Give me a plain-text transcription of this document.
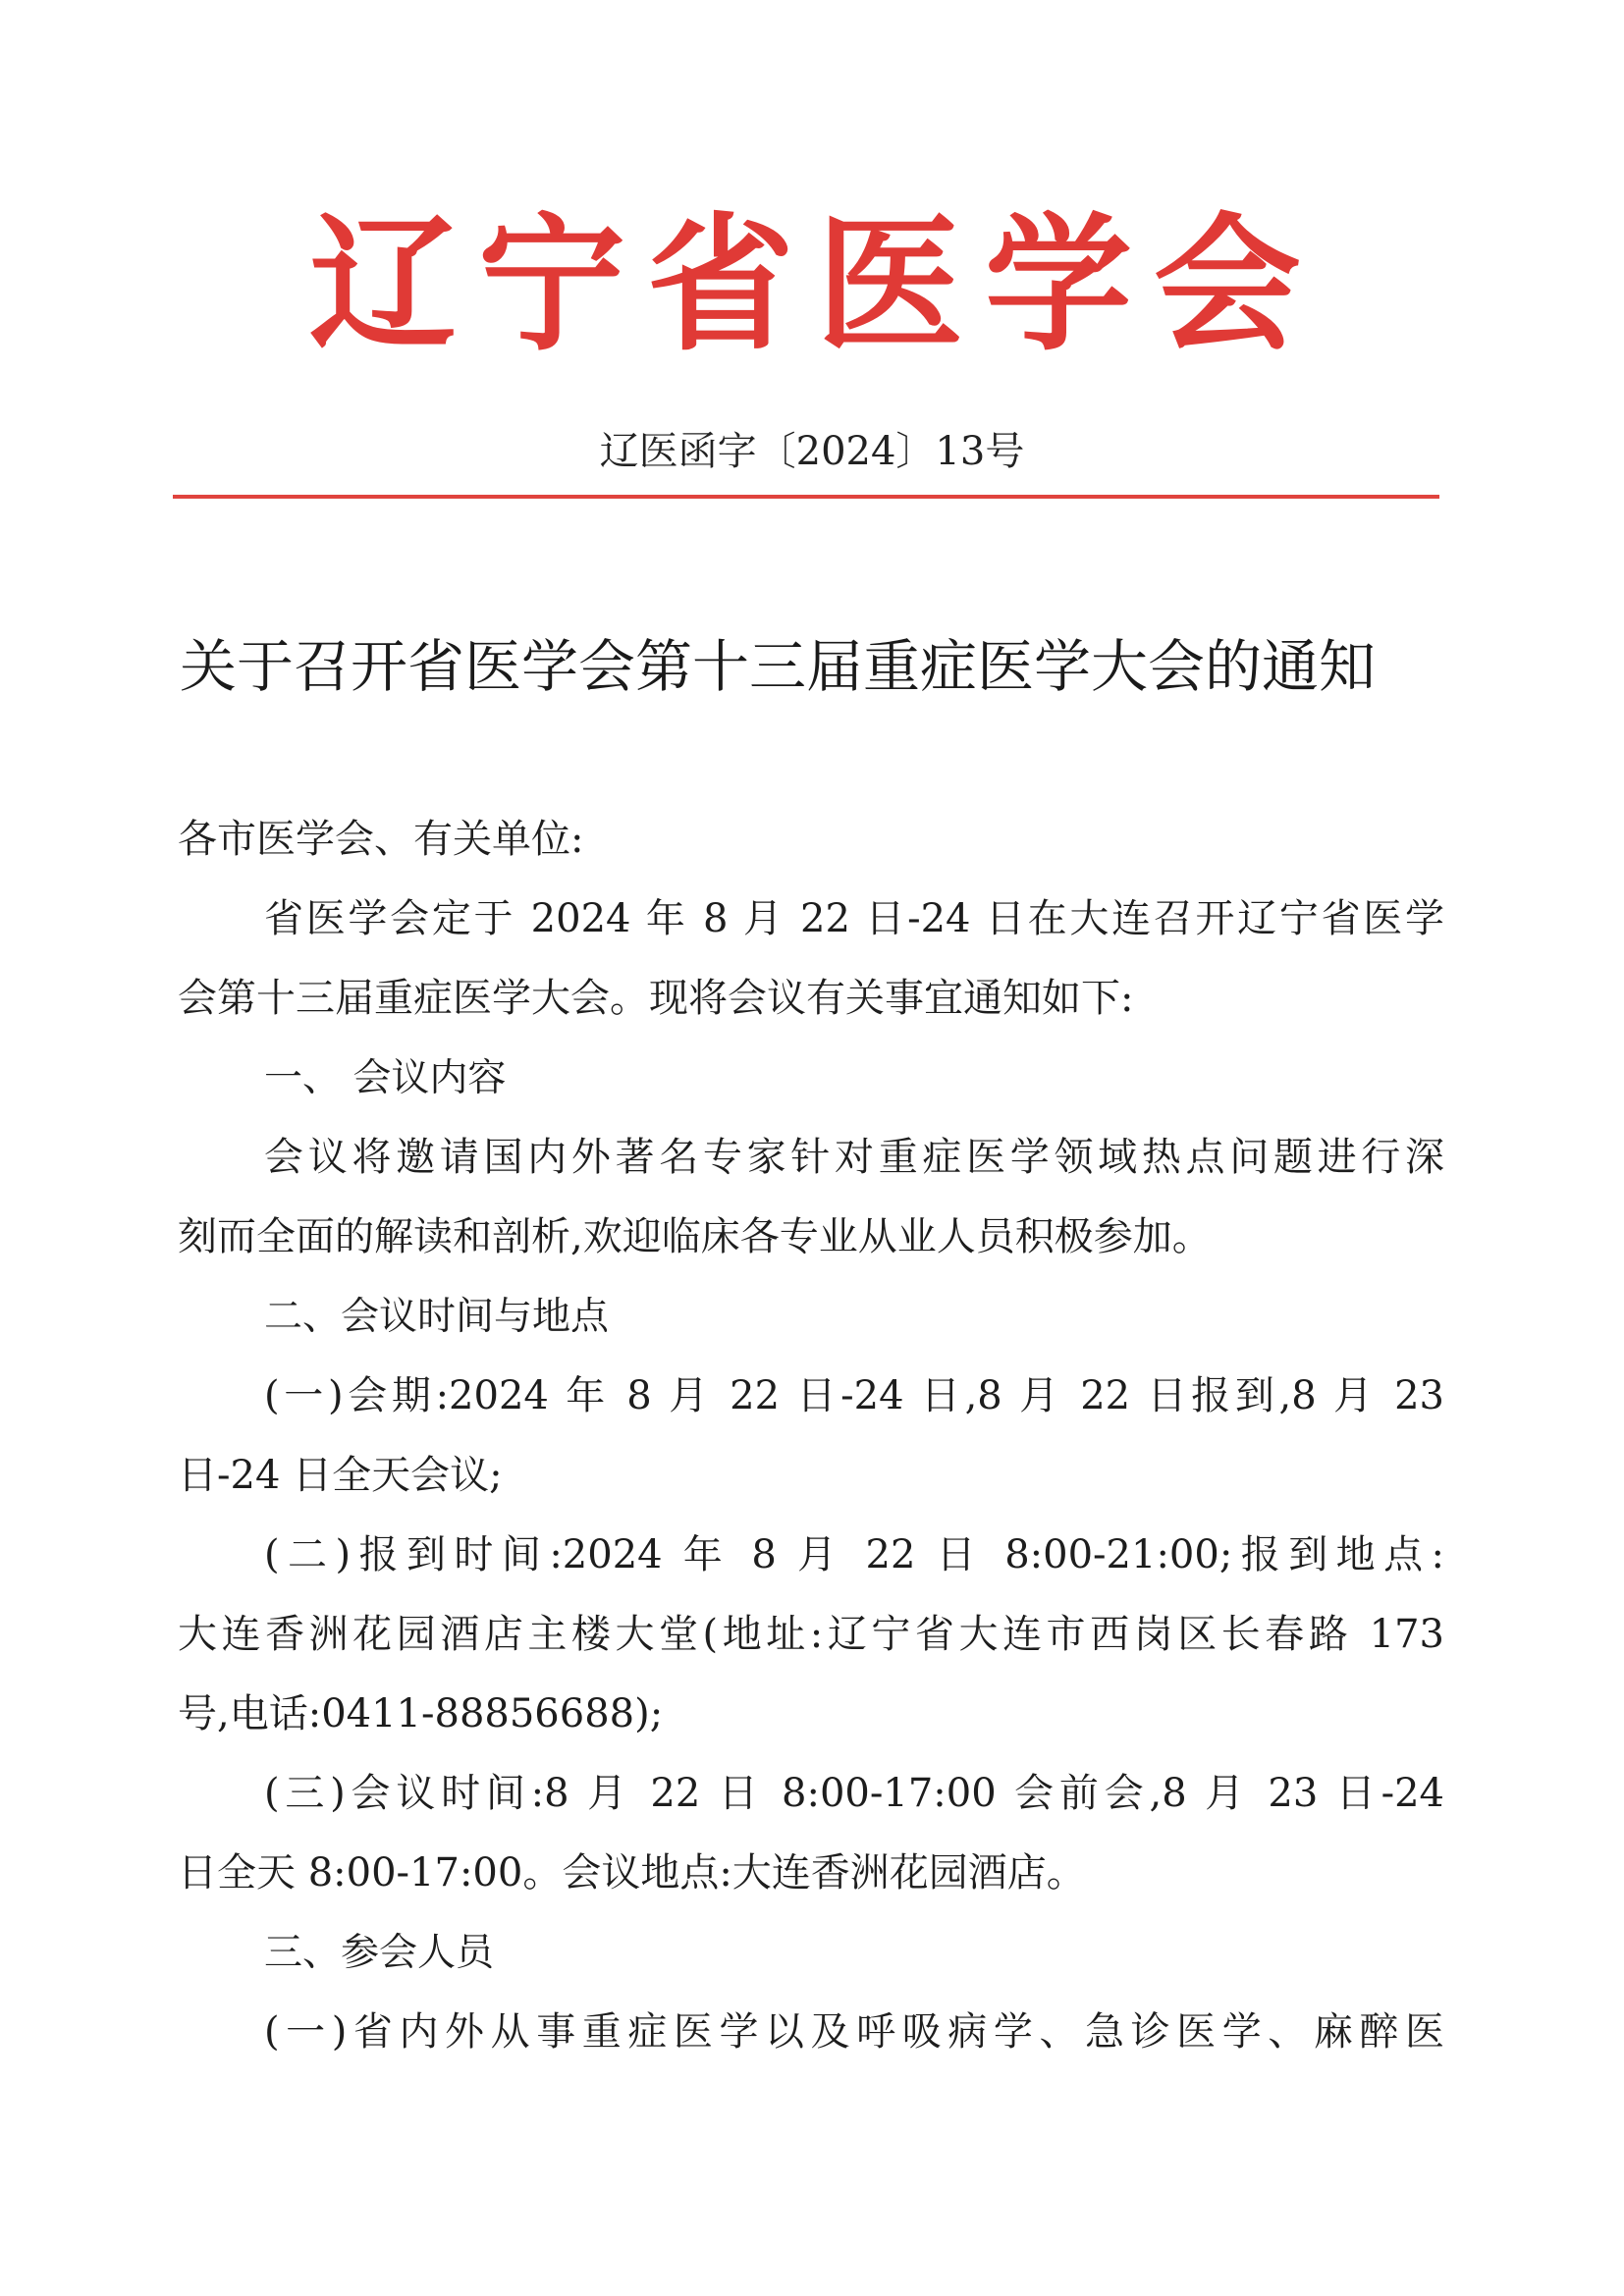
辽 宁 省 医 学 会
辽医函字〔2024〕13号
关于召开省医学会第十三届重症医学大会的通知
各市医学会、有关单位:
省医学会定于 2024 年 8 月 22 日-24 日在大连召开辽宁省医学
会第十三届重症医学大会。现将会议有关事宜通知如下:
一、 会议内容
会议将邀请国内外著名专家针对重症医学领域热点问题进行深
刻而全面的解读和剖析,欢迎临床各专业从业人员积极参加。
二、会议时间与地点
(一)会期:2024 年 8 月 22 日-24 日,8 月 22 日报到,8 月 23
日-24 日全天会议;
(二)报到时间:2024 年 8 月 22 日 8:00-21:00;报到地点:
大连香洲花园酒店主楼大堂(地址:辽宁省大连市西岗区长春路 173
号,电话:0411-88856688);
(三)会议时间:8 月 22 日 8:00-17:00 会前会,8 月 23 日-24
日全天 8:00-17:00。会议地点:大连香洲花园酒店。
三、参会人员
(一)省内外从事重症医学以及呼吸病学、急诊医学、麻醉医
